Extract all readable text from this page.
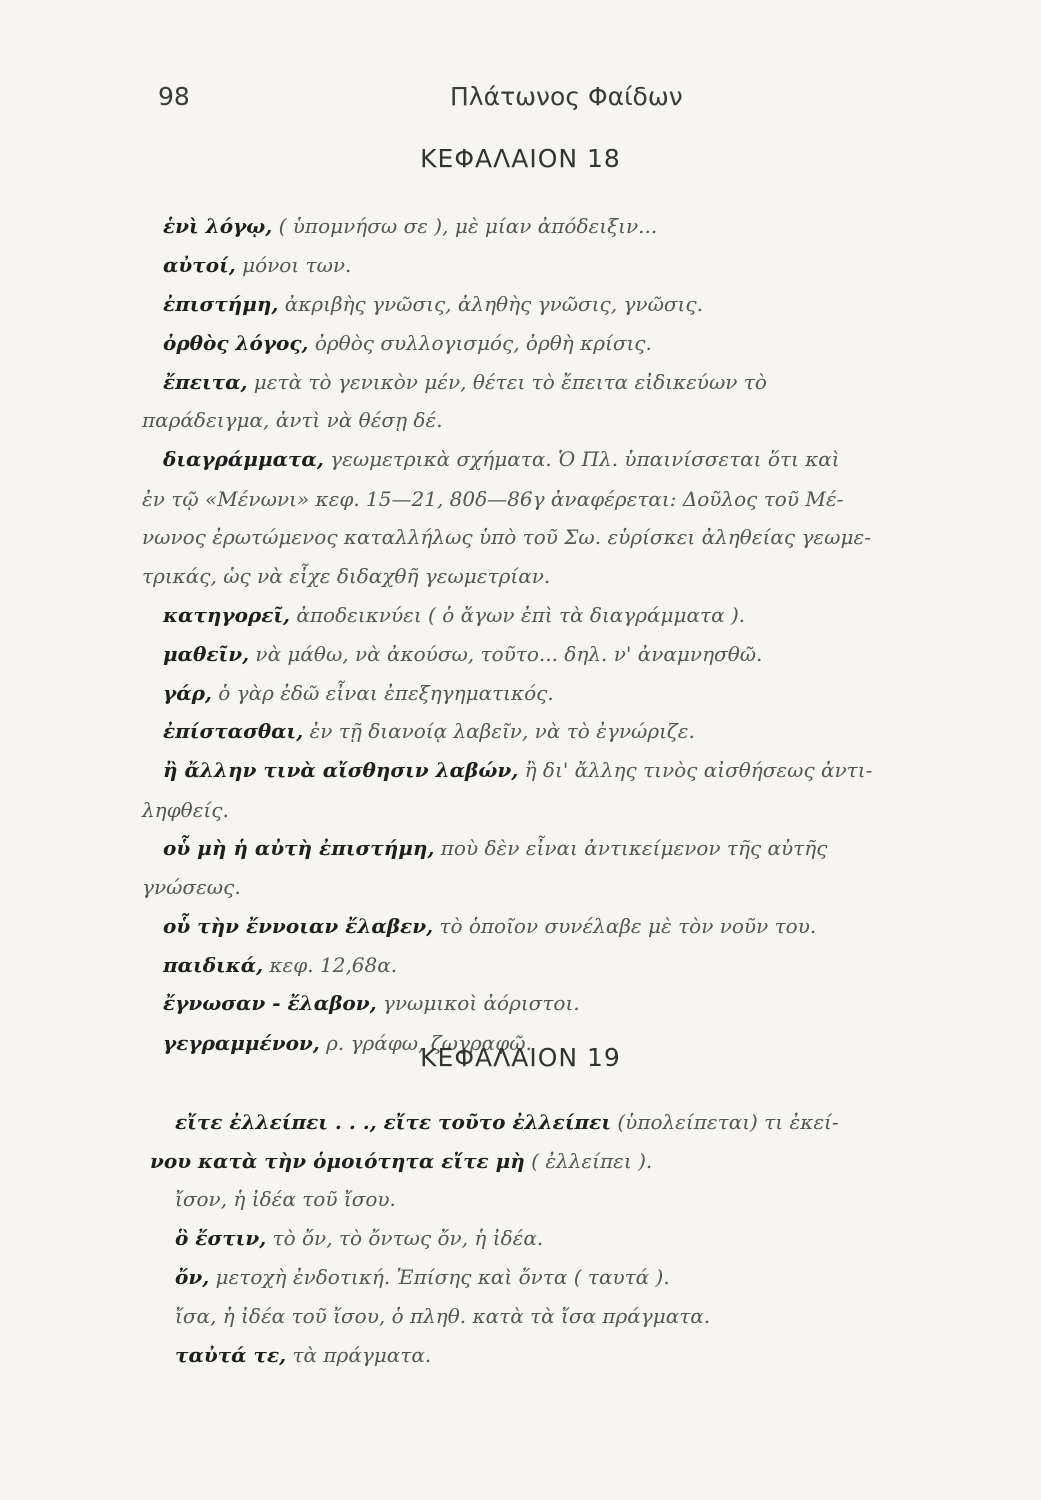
98	Πλάτωνος Φαίδων
ΚΕΦΑΛΑΙΟΝ 18
ἑνὶ λόγῳ, ( ὑπομνήσω σε ), μὲ μίαν ἀπόδειξιν...
αὐτοί, μόνοι των.
ἐπιστήμη, ἀκριβὴς γνῶσις, ἀληθὴς γνῶσις, γνῶσις.
ὀρθὸς λόγος, ὀρθὸς συλλογισμός, ὀρθὴ κρίσις.
ἔπειτα, μετὰ τὸ γενικὸν μέν, θέτει τὸ ἔπειτα εἰδικεύων τὸ
παράδειγμα, ἀντὶ νὰ θέσῃ δέ.
διαγράμματα, γεωμετρικὰ σχήματα. Ὁ Πλ. ὑπαινίσσεται ὅτι καὶ
ἐν τῷ «Μένωνι» κεφ. 15—21, 80δ—86γ ἀναφέρεται: Δοῦλος τοῦ Μέ-
νωνος ἐρωτώμενος καταλλήλως ὑπὸ τοῦ Σω. εὑρίσκει ἀληθείας γεωμε-
τρικάς, ὡς νὰ εἶχε διδαχθῆ γεωμετρίαν.
κατηγορεῖ, ἀποδεικνύει ( ὁ ἄγων ἐπὶ τὰ διαγράμματα ).
μαθεῖν, νὰ μάθω, νὰ ἀκούσω, τοῦτο... δηλ. ν' ἀναμνησθῶ.
γάρ, ὁ γὰρ ἐδῶ εἶναι ἐπεξηγηματικός.
ἐπίστασθαι, ἐν τῇ διανοίᾳ λαβεῖν, νὰ τὸ ἐγνώριζε.
ἢ ἄλλην τινὰ αἴσθησιν λαβών, ἢ δι' ἄλλης τινὸς αἰσθήσεως ἀντι-
ληφθείς.
οὗ μὴ ἡ αὐτὴ ἐπιστήμη, ποὺ δὲν εἶναι ἀντικείμενον τῆς αὐτῆς
γνώσεως.
οὗ τὴν ἔννοιαν ἔλαβεν, τὸ ὁποῖον συνέλαβε μὲ τὸν νοῦν του.
παιδικά, κεφ. 12,68α.
ἔγνωσαν - ἔλαβον, γνωμικοὶ ἀόριστοι.
γεγραμμένον, ρ. γράφω, ζωγραφῶ.
ΚΕΦΑΛΑΙΟΝ 19
εἴτε ἐλλείπει . . ., εἴτε τοῦτο ἐλλείπει (ὑπολείπεται) τι ἐκεί-
νου κατὰ τὴν ὁμοιότητα εἴτε μὴ ( ἐλλείπει ).
ἴσον, ἡ ἰδέα τοῦ ἴσου.
ὃ ἔστιν, τὸ ὄν, τὸ ὄντως ὄν, ἡ ἰδέα.
ὄν, μετοχὴ ἐνδοτική. Ἐπίσης καὶ ὄντα ( ταυτά ).
ἴσα, ἡ ἰδέα τοῦ ἴσου, ὁ πληθ. κατὰ τὰ ἴσα πράγματα.
ταὐτά τε, τὰ πράγματα.
